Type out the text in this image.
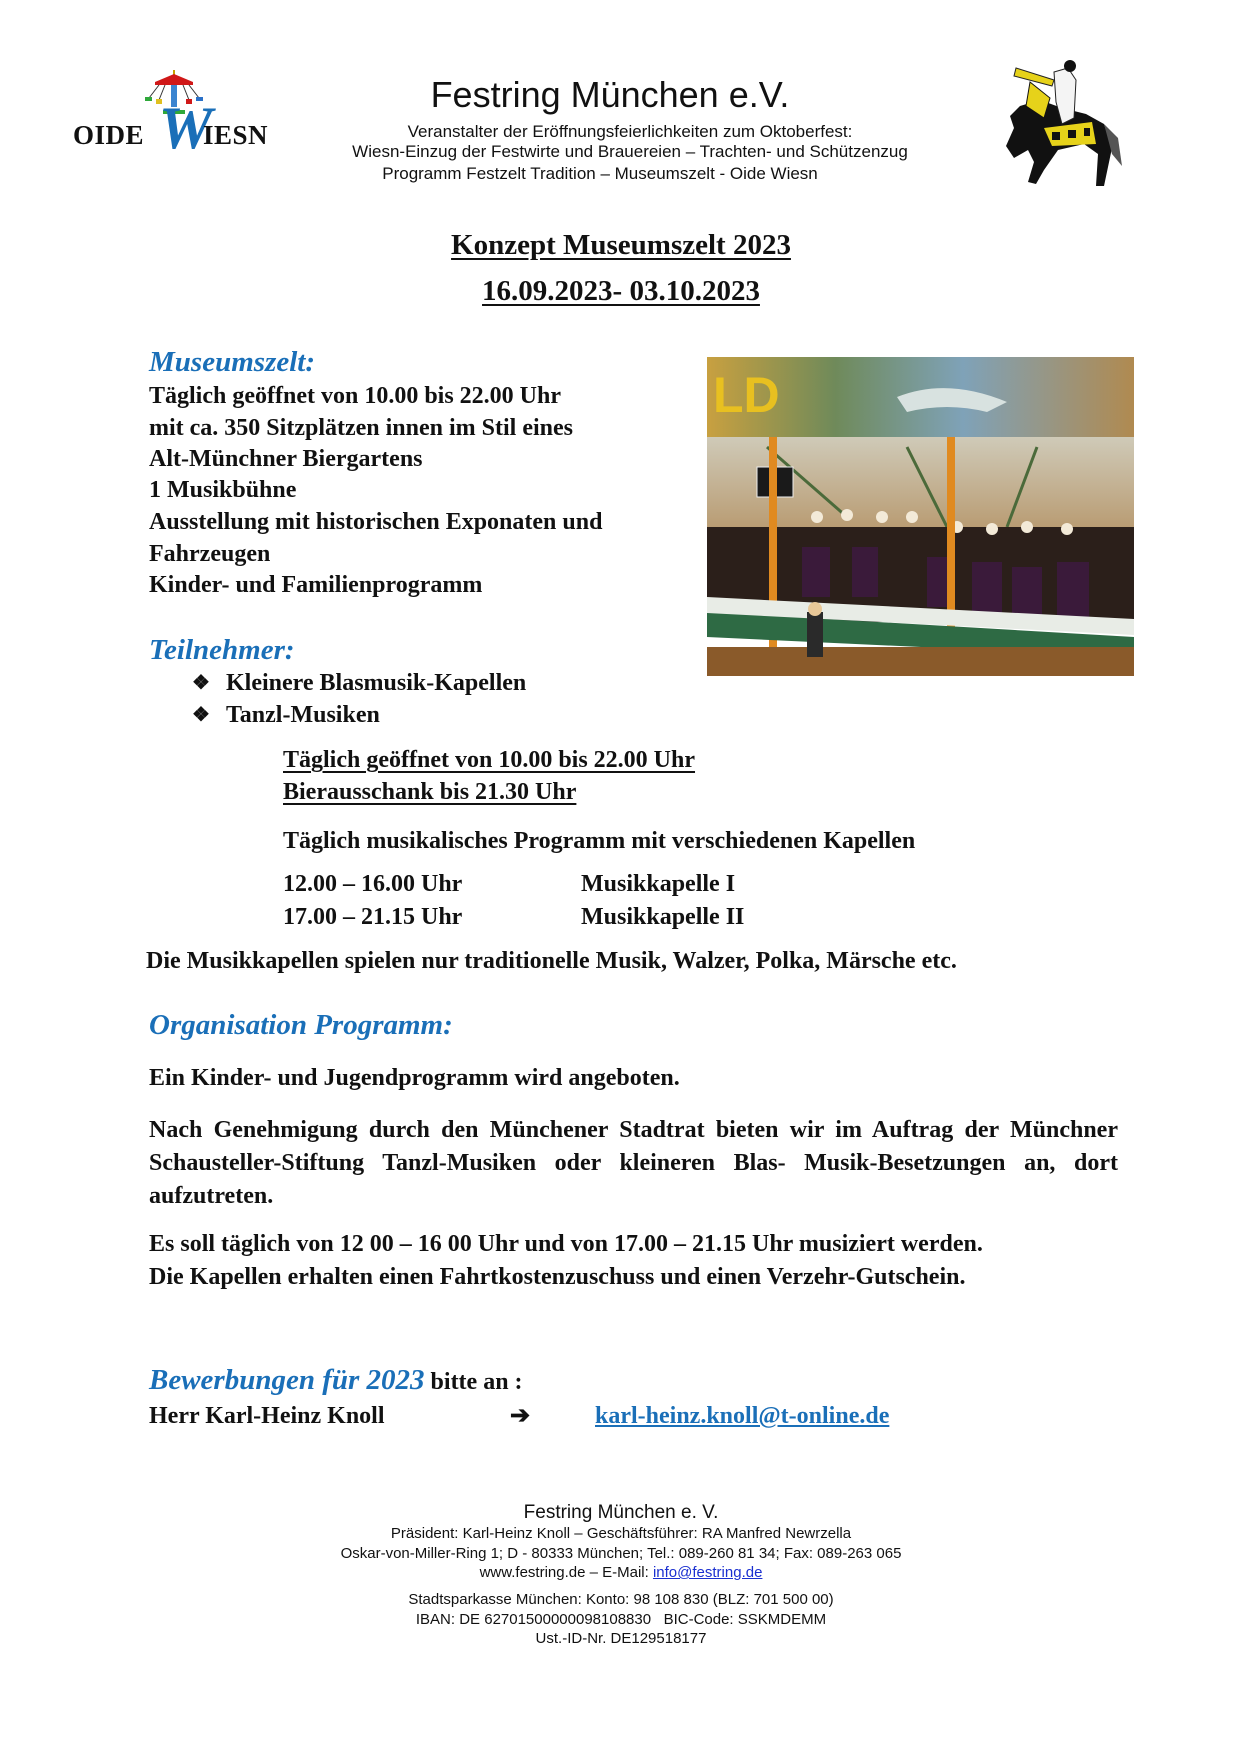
OIDE W
IESN
Festring München e.V.
Veranstalter der Eröffnungsfeierlichkeiten zum Oktoberfest:
Wiesn-Einzug der Festwirte und Brauereien – Trachten- und Schützenzug
Programm Festzelt Tradition – Museumszelt - Oide Wiesn
Konzept Museumszelt 2023
16.09.2023- 03.10.2023
Museumszelt:
Täglich geöffnet von 10.00 bis 22.00 Uhr
mit ca. 350 Sitzplätzen innen im Stil eines
Alt-Münchner Biergartens
1 Musikbühne
Ausstellung mit historischen Exponaten und
Fahrzeugen
Kinder- und Familienprogramm
LD
Teilnehmer:
❖ Kleinere Blasmusik-Kapellen
❖ Tanzl-Musiken
Täglich geöffnet von 10.00 bis 22.00 Uhr
Bierausschank bis 21.30 Uhr
Täglich musikalisches Programm mit verschiedenen Kapellen
12.00 – 16.00 Uhr	Musikkapelle I
17.00 – 21.15 Uhr	Musikkapelle II
Die Musikkapellen spielen nur traditionelle Musik, Walzer, Polka, Märsche etc.
Organisation Programm:
Ein Kinder- und Jugendprogramm wird angeboten.
Nach Genehmigung durch den Münchener Stadtrat bieten wir im Auftrag der Münchner Schausteller-Stiftung Tanzl-Musiken oder kleineren Blas- Musik-Besetzungen an, dort aufzutreten.
Es soll täglich von 12 00 – 16 00 Uhr und von 17.00 – 21.15 Uhr musiziert werden.
Die Kapellen erhalten einen Fahrtkostenzuschuss und einen Verzehr-Gutschein.
Bewerbungen für 2023 bitte an :
Herr Karl-Heinz Knoll	➔	karl-heinz.knoll@t-online.de
Festring München e. V.
Präsident: Karl-Heinz Knoll – Geschäftsführer: RA Manfred Newrzella
Oskar-von-Miller-Ring 1; D - 80333 München; Tel.: 089-260 81 34; Fax: 089-263 065
www.festring.de – E-Mail: info@festring.de
Stadtsparkasse München: Konto: 98 108 830 (BLZ: 701 500 00)
IBAN: DE 62701500000098108830   BIC-Code: SSKMDEMM
Ust.-ID-Nr. DE129518177
